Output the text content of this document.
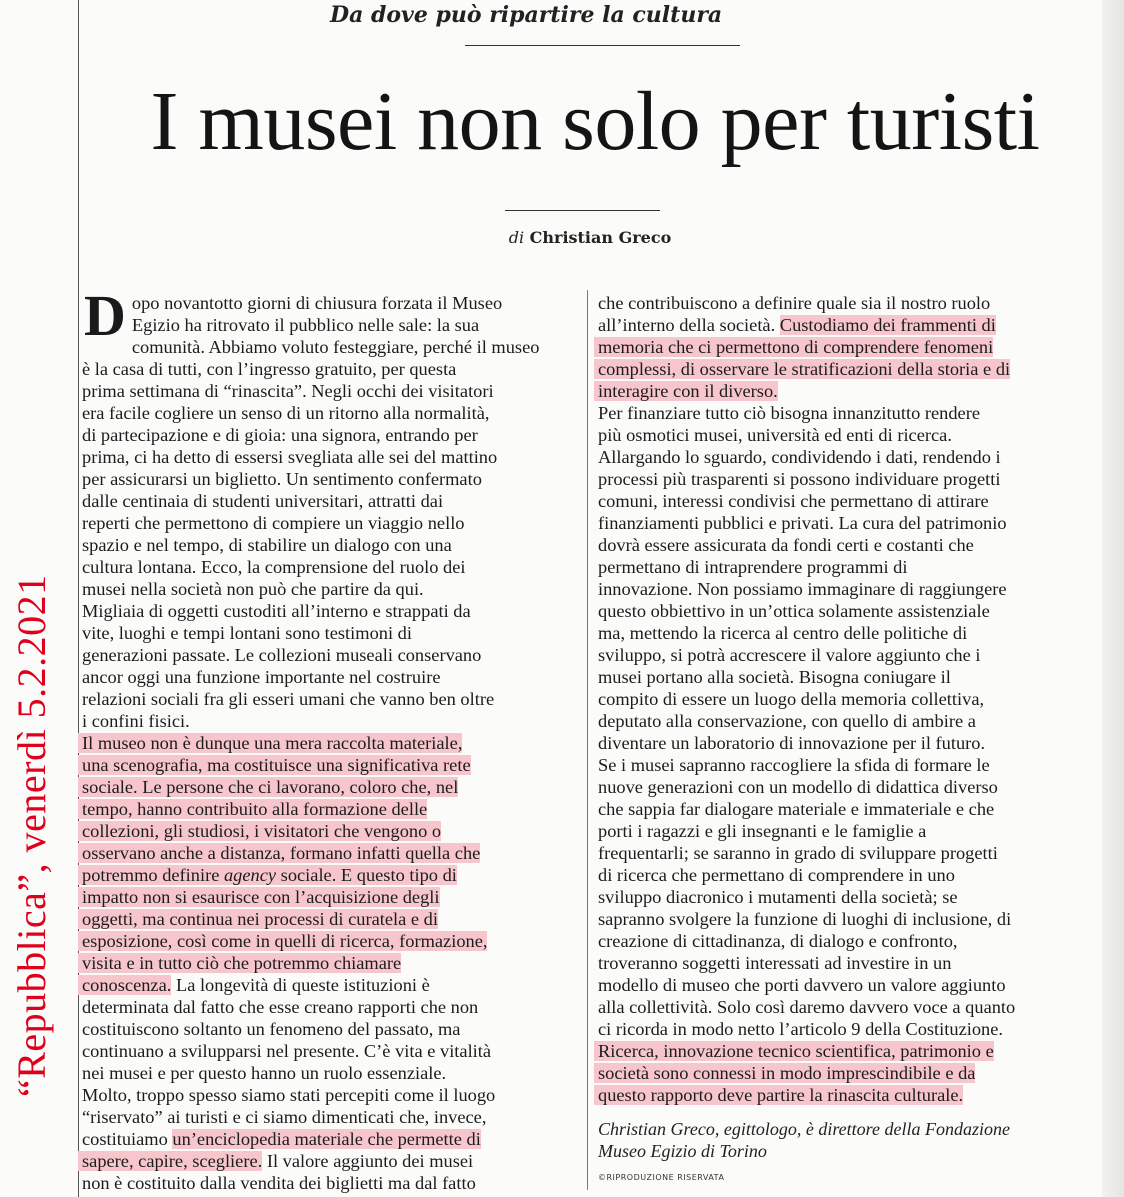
“Repubblica”, venerdì 5.2.2021
Da dove può ripartire la cultura
I musei non solo per turisti
di Christian Greco
D opo novantotto giorni di chiusura forzata il Museo
Egizio ha ritrovato il pubblico nelle sale: la sua
comunità. Abbiamo voluto festeggiare, perché il museo
è la casa di tutti, con l’ingresso gratuito, per questa
prima settimana di “rinascita”. Negli occhi dei visitatori
era facile cogliere un senso di un ritorno alla normalità,
di partecipazione e di gioia: una signora, entrando per
prima, ci ha detto di essersi svegliata alle sei del mattino
per assicurarsi un biglietto. Un sentimento confermato
dalle centinaia di studenti universitari, attratti dai
reperti che permettono di compiere un viaggio nello
spazio e nel tempo, di stabilire un dialogo con una
cultura lontana. Ecco, la comprensione del ruolo dei
musei nella società non può che partire da qui.
Migliaia di oggetti custoditi all’interno e strappati da
vite, luoghi e tempi lontani sono testimoni di
generazioni passate. Le collezioni museali conservano
ancor oggi una funzione importante nel costruire
relazioni sociali fra gli esseri umani che vanno ben oltre
i confini fisici.
Il museo non è dunque una mera raccolta materiale,
una scenografia, ma costituisce una significativa rete
sociale. Le persone che ci lavorano, coloro che, nel
tempo, hanno contribuito alla formazione delle
collezioni, gli studiosi, i visitatori che vengono o
osservano anche a distanza, formano infatti quella che
potremmo definire agency sociale. E questo tipo di
impatto non si esaurisce con l’acquisizione degli
oggetti, ma continua nei processi di curatela e di
esposizione, così come in quelli di ricerca, formazione,
visita e in tutto ciò che potremmo chiamare
conoscenza. La longevità di queste istituzioni è
determinata dal fatto che esse creano rapporti che non
costituiscono soltanto un fenomeno del passato, ma
continuano a svilupparsi nel presente. C’è vita e vitalità
nei musei e per questo hanno un ruolo essenziale.
Molto, troppo spesso siamo stati percepiti come il luogo
“riservato” ai turisti e ci siamo dimenticati che, invece,
costituiamo un’enciclopedia materiale che permette di
sapere, capire, scegliere. Il valore aggiunto dei musei
non è costituito dalla vendita dei biglietti ma dal fatto
che contribuiscono a definire quale sia il nostro ruolo
all’interno della società. Custodiamo dei frammenti di
memoria che ci permettono di comprendere fenomeni
complessi, di osservare le stratificazioni della storia e di
interagire con il diverso.
Per finanziare tutto ciò bisogna innanzitutto rendere
più osmotici musei, università ed enti di ricerca.
Allargando lo sguardo, condividendo i dati, rendendo i
processi più trasparenti si possono individuare progetti
comuni, interessi condivisi che permettano di attirare
finanziamenti pubblici e privati. La cura del patrimonio
dovrà essere assicurata da fondi certi e costanti che
permettano di intraprendere programmi di
innovazione. Non possiamo immaginare di raggiungere
questo obbiettivo in un’ottica solamente assistenziale
ma, mettendo la ricerca al centro delle politiche di
sviluppo, si potrà accrescere il valore aggiunto che i
musei portano alla società. Bisogna coniugare il
compito di essere un luogo della memoria collettiva,
deputato alla conservazione, con quello di ambire a
diventare un laboratorio di innovazione per il futuro.
Se i musei sapranno raccogliere la sfida di formare le
nuove generazioni con un modello di didattica diverso
che sappia far dialogare materiale e immateriale e che
porti i ragazzi e gli insegnanti e le famiglie a
frequentarli; se saranno in grado di sviluppare progetti
di ricerca che permettano di comprendere in uno
sviluppo diacronico i mutamenti della società; se
sapranno svolgere la funzione di luoghi di inclusione, di
creazione di cittadinanza, di dialogo e confronto,
troveranno soggetti interessati ad investire in un
modello di museo che porti davvero un valore aggiunto
alla collettività. Solo così daremo davvero voce a quanto
ci ricorda in modo netto l’articolo 9 della Costituzione.
Ricerca, innovazione tecnico scientifica, patrimonio e
società sono connessi in modo imprescindibile e da
questo rapporto deve partire la rinascita culturale.
Christian Greco, egittologo, è direttore della Fondazione
Museo Egizio di Torino
©RIPRODUZIONE RISERVATA
